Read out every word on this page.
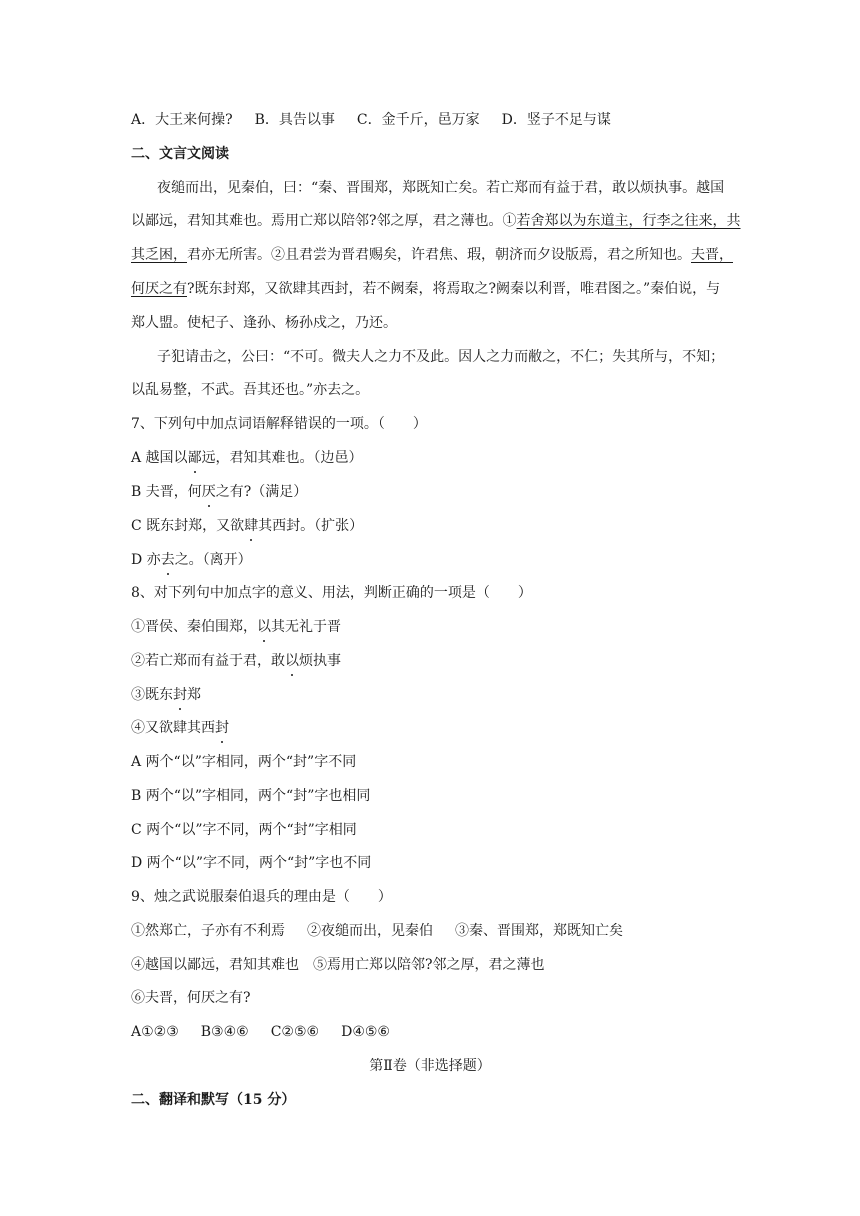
A．大王来何操? B．具告以事 C．金千斤，邑万家 D．竖子不足与谋
二、文言文阅读
夜缒而出，见秦伯，曰：“秦、晋围郑，郑既知亡矣。若亡郑而有益于君，敢以烦执事。越国
以鄙远，君知其难也。焉用亡郑以陪邻?邻之厚，君之薄也。①若舍郑以为东道主，行李之往来，共
其乏困，君亦无所害。②且君尝为晋君赐矣，许君焦、瑕，朝济而夕设版焉，君之所知也。夫晋，
何厌之有?既东封郑，又欲肆其西封，若不阙秦，将焉取之?阙秦以利晋，唯君图之。”秦伯说，与
郑人盟。使杞子、逢孙、杨孙戍之，乃还。
子犯请击之，公曰：“不可。微夫人之力不及此。因人之力而敝之，不仁；失其所与，不知；
以乱易整，不武。吾其还也。”亦去之。
7、下列句中加点词语解释错误的一项。（　　）
A 越国以鄙远，君知其难也。（边邑）
B 夫晋，何厌之有?（满足）
C 既东封郑，又欲肆其西封。（扩张）
D 亦去之。（离开）
8、对下列句中加点字的意义、用法，判断正确的一项是（　　）
①晋侯、秦伯围郑，以其无礼于晋
②若亡郑而有益于君，敢以烦执事
③既东封郑
④又欲肆其西封
A 两个“以”字相同，两个“封”字不同
B 两个“以”字相同，两个“封”字也相同
C 两个“以”字不同，两个“封”字相同
D 两个“以”字不同，两个“封”字也不同
9、烛之武说服秦伯退兵的理由是（　　）
①然郑亡，子亦有不利焉 ②夜缒而出，见秦伯 ③秦、晋围郑，郑既知亡矣
④越国以鄙远，君知其难也 ⑤焉用亡郑以陪邻?邻之厚，君之薄也
⑥夫晋，何厌之有?
A①②③ B③④⑥ C②⑤⑥ D④⑤⑥
第Ⅱ卷（非选择题）
二、翻译和默写（15 分）
